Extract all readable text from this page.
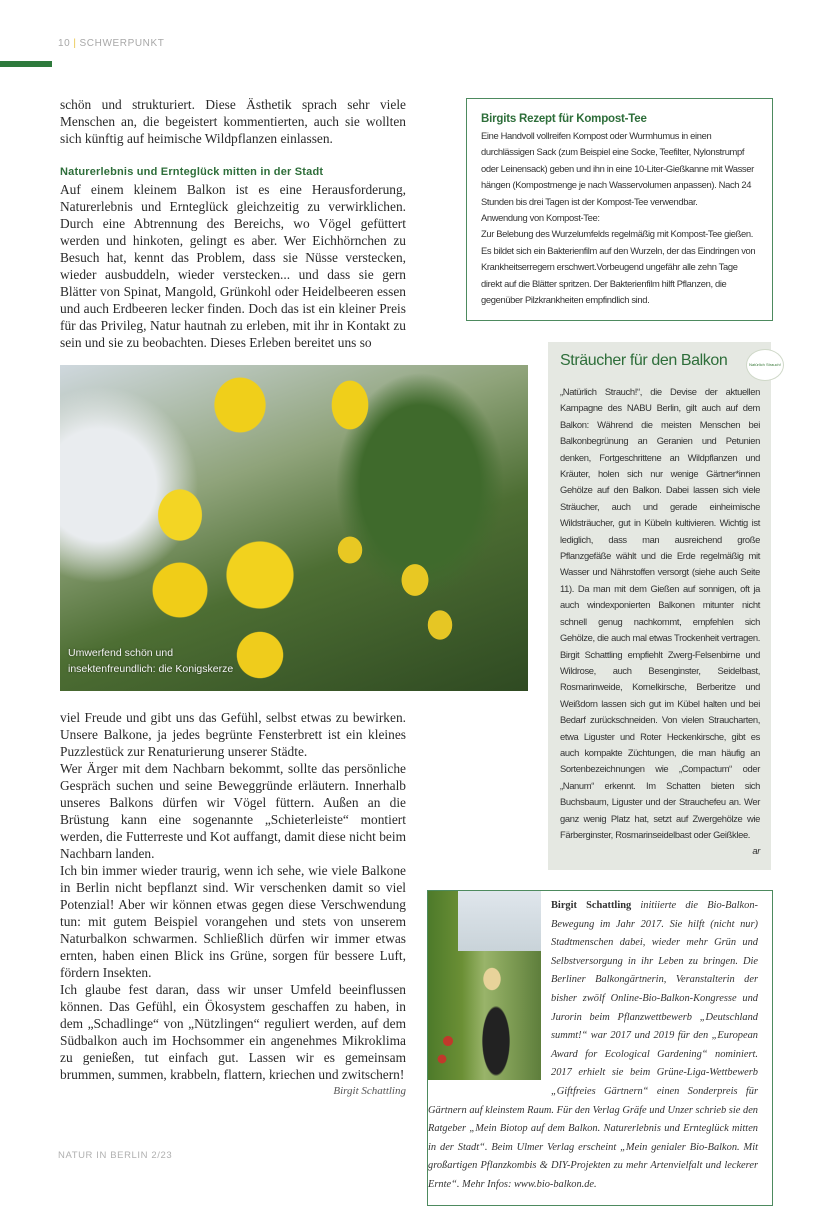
10 | SCHWERPUNKT

schön und strukturiert. Diese Ästhetik sprach sehr viele Menschen an, die begeistert kommentierten, auch sie wollten sich künftig auf heimische Wildpflanzen einlassen.

Naturerlebnis und Ernteglück mitten in der Stadt

Auf einem kleinem Balkon ist es eine Herausforderung, Naturerlebnis und Ernteglück gleichzeitig zu verwirklichen. Durch eine Abtrennung des Bereichs, wo Vögel gefüttert werden und hinkoten, gelingt es aber. Wer Eichhörnchen zu Besuch hat, kennt das Problem, dass sie Nüsse verstecken, wieder ausbuddeln, wieder verstecken... und dass sie gern Blätter von Spinat, Mangold, Grünkohl oder Heidelbeeren essen und auch Erdbeeren lecker finden. Doch das ist ein kleiner Preis für das Privileg, Natur hautnah zu erleben, mit ihr in Kontakt zu sein und sie zu beobachten. Dieses Erleben bereitet uns so

Umwerfend schön und
insektenfreundlich: die Konigskerze

viel Freude und gibt uns das Gefühl, selbst etwas zu bewirken. Unsere Balkone, ja jedes begrünte Fensterbrett ist ein kleines Puzzlestück zur Renaturierung unserer Städte.

Wer Ärger mit dem Nachbarn bekommt, sollte das persönliche Gespräch suchen und seine Beweggründe erläutern. Innerhalb unseres Balkons dürfen wir Vögel füttern. Außen an die Brüstung kann eine sogenannte „Schieterleiste“ montiert werden, die Futterreste und Kot auffangt, damit diese nicht beim Nachbarn landen.

Ich bin immer wieder traurig, wenn ich sehe, wie viele Balkone in Berlin nicht bepflanzt sind. Wir verschenken damit so viel Potenzial! Aber wir können etwas gegen diese Verschwendung tun: mit gutem Beispiel vorangehen und stets von unserem Naturbalkon schwarmen. Schließlich dürfen wir immer etwas ernten, haben einen Blick ins Grüne, sorgen für bessere Luft, fördern Insekten.

Ich glaube fest daran, dass wir unser Umfeld beeinflussen können. Das Gefühl, ein Ökosystem geschaffen zu haben, in dem „Schadlinge“ von „Nützlingen“ reguliert werden, auf dem Südbalkon auch im Hochsommer ein angenehmes Mikroklima zu genießen, tut einfach gut. Lassen wir es gemeinsam brummen, summen, krabbeln, flattern, kriechen und zwitschern!

Birgit Schattling

Birgits Rezept für Kompost-Tee

Eine Handvoll vollreifen Kompost oder Wurmhumus in einen durchlässigen Sack (zum Beispiel eine Socke, Teefilter, Nylonstrumpf oder Leinensack) geben und ihn in eine 10-Liter-Gießkanne mit Wasser hängen (Kompostmenge je nach Wasservolumen anpassen). Nach 24 Stunden bis drei Tagen ist der Kompost-Tee verwendbar.

Anwendung von Kompost-Tee:

Zur Belebung des Wurzelumfelds regelmäßig mit Kompost-Tee gießen. Es bildet sich ein Bakterienfilm auf den Wurzeln, der das Eindringen von Krankheitserregern erschwert.Vorbeugend ungefähr alle zehn Tage direkt auf die Blätter spritzen. Der Bakterienfilm hilft Pflanzen, die gegenüber Pilzkrankheiten empfindlich sind.

Sträucher für den Balkon

„Natürlich Strauch!“, die Devise der aktuellen Kampagne des NABU Berlin, gilt auch auf dem Balkon: Während die meisten Menschen bei Balkonbegrünung an Geranien und Petunien denken, Fortgeschrittene an Wildpflanzen und Kräuter, holen sich nur wenige Gärtner*innen Gehölze auf den Balkon. Dabei lassen sich viele Sträucher, auch und gerade einheimische Wildsträucher, gut in Kübeln kultivieren. Wichtig ist lediglich, dass man ausreichend große Pflanzgefäße wählt und die Erde regelmäßig mit Wasser und Nährstoffen versorgt (siehe auch Seite 11). Da man mit dem Gießen auf sonnigen, oft ja auch windexponierten Balkonen mitunter nicht schnell genug nachkommt, empfehlen sich Gehölze, die auch mal etwas Trockenheit vertragen. Birgit Schattling empfiehlt Zwerg-Felsenbirne und Wildrose, auch Besenginster, Seidelbast, Rosmarinweide, Kornelkirsche, Berberitze und Weißdorn lassen sich gut im Kübel halten und bei Bedarf zurückschneiden. Von vielen Straucharten, etwa Liguster und Roter Heckenkirsche, gibt es auch kompakte Züchtungen, die man häufig an Sortenbezeichnungen wie „Compactum“ oder „Nanum“ erkennt. Im Schatten bieten sich Buchsbaum, Liguster und der Strauchefeu an. Wer ganz wenig Platz hat, setzt auf Zwergehölze wie Färberginster, Rosmarinseidelbast oder Geißklee.

ar

Natürlich Strauch!
Birgit Schattling initiierte die Bio-Balkon-Bewegung im Jahr 2017. Sie hilft (nicht nur) Stadtmenschen dabei, wieder mehr Grün und Selbstversorgung in ihr Leben zu bringen. Die Berliner Balkongärtnerin, Veranstalterin der bisher zwölf Online-Bio-Balkon-Kongresse und Jurorin beim Pflanzwettbewerb „Deutschland summt!“ war 2017 und 2019 für den „European Award for Ecological Gardening“ nominiert. 2017 erhielt sie beim Grüne-Liga-Wettbewerb „Giftfreies Gärtnern“ einen Sonderpreis für Gärtnern auf kleinstem Raum. Für den Verlag Gräfe und Unzer schrieb sie den Ratgeber „Mein Biotop auf dem Balkon. Naturerlebnis und Ernteglück mitten in der Stadt“. Beim Ulmer Verlag erscheint „Mein genialer Bio-Balkon. Mit großartigen Pflanzkombis & DIY-Projekten zu mehr Artenvielfalt und leckerer Ernte“. Mehr Infos: www.bio-balkon.de.
NATUR IN BERLIN 2/23
